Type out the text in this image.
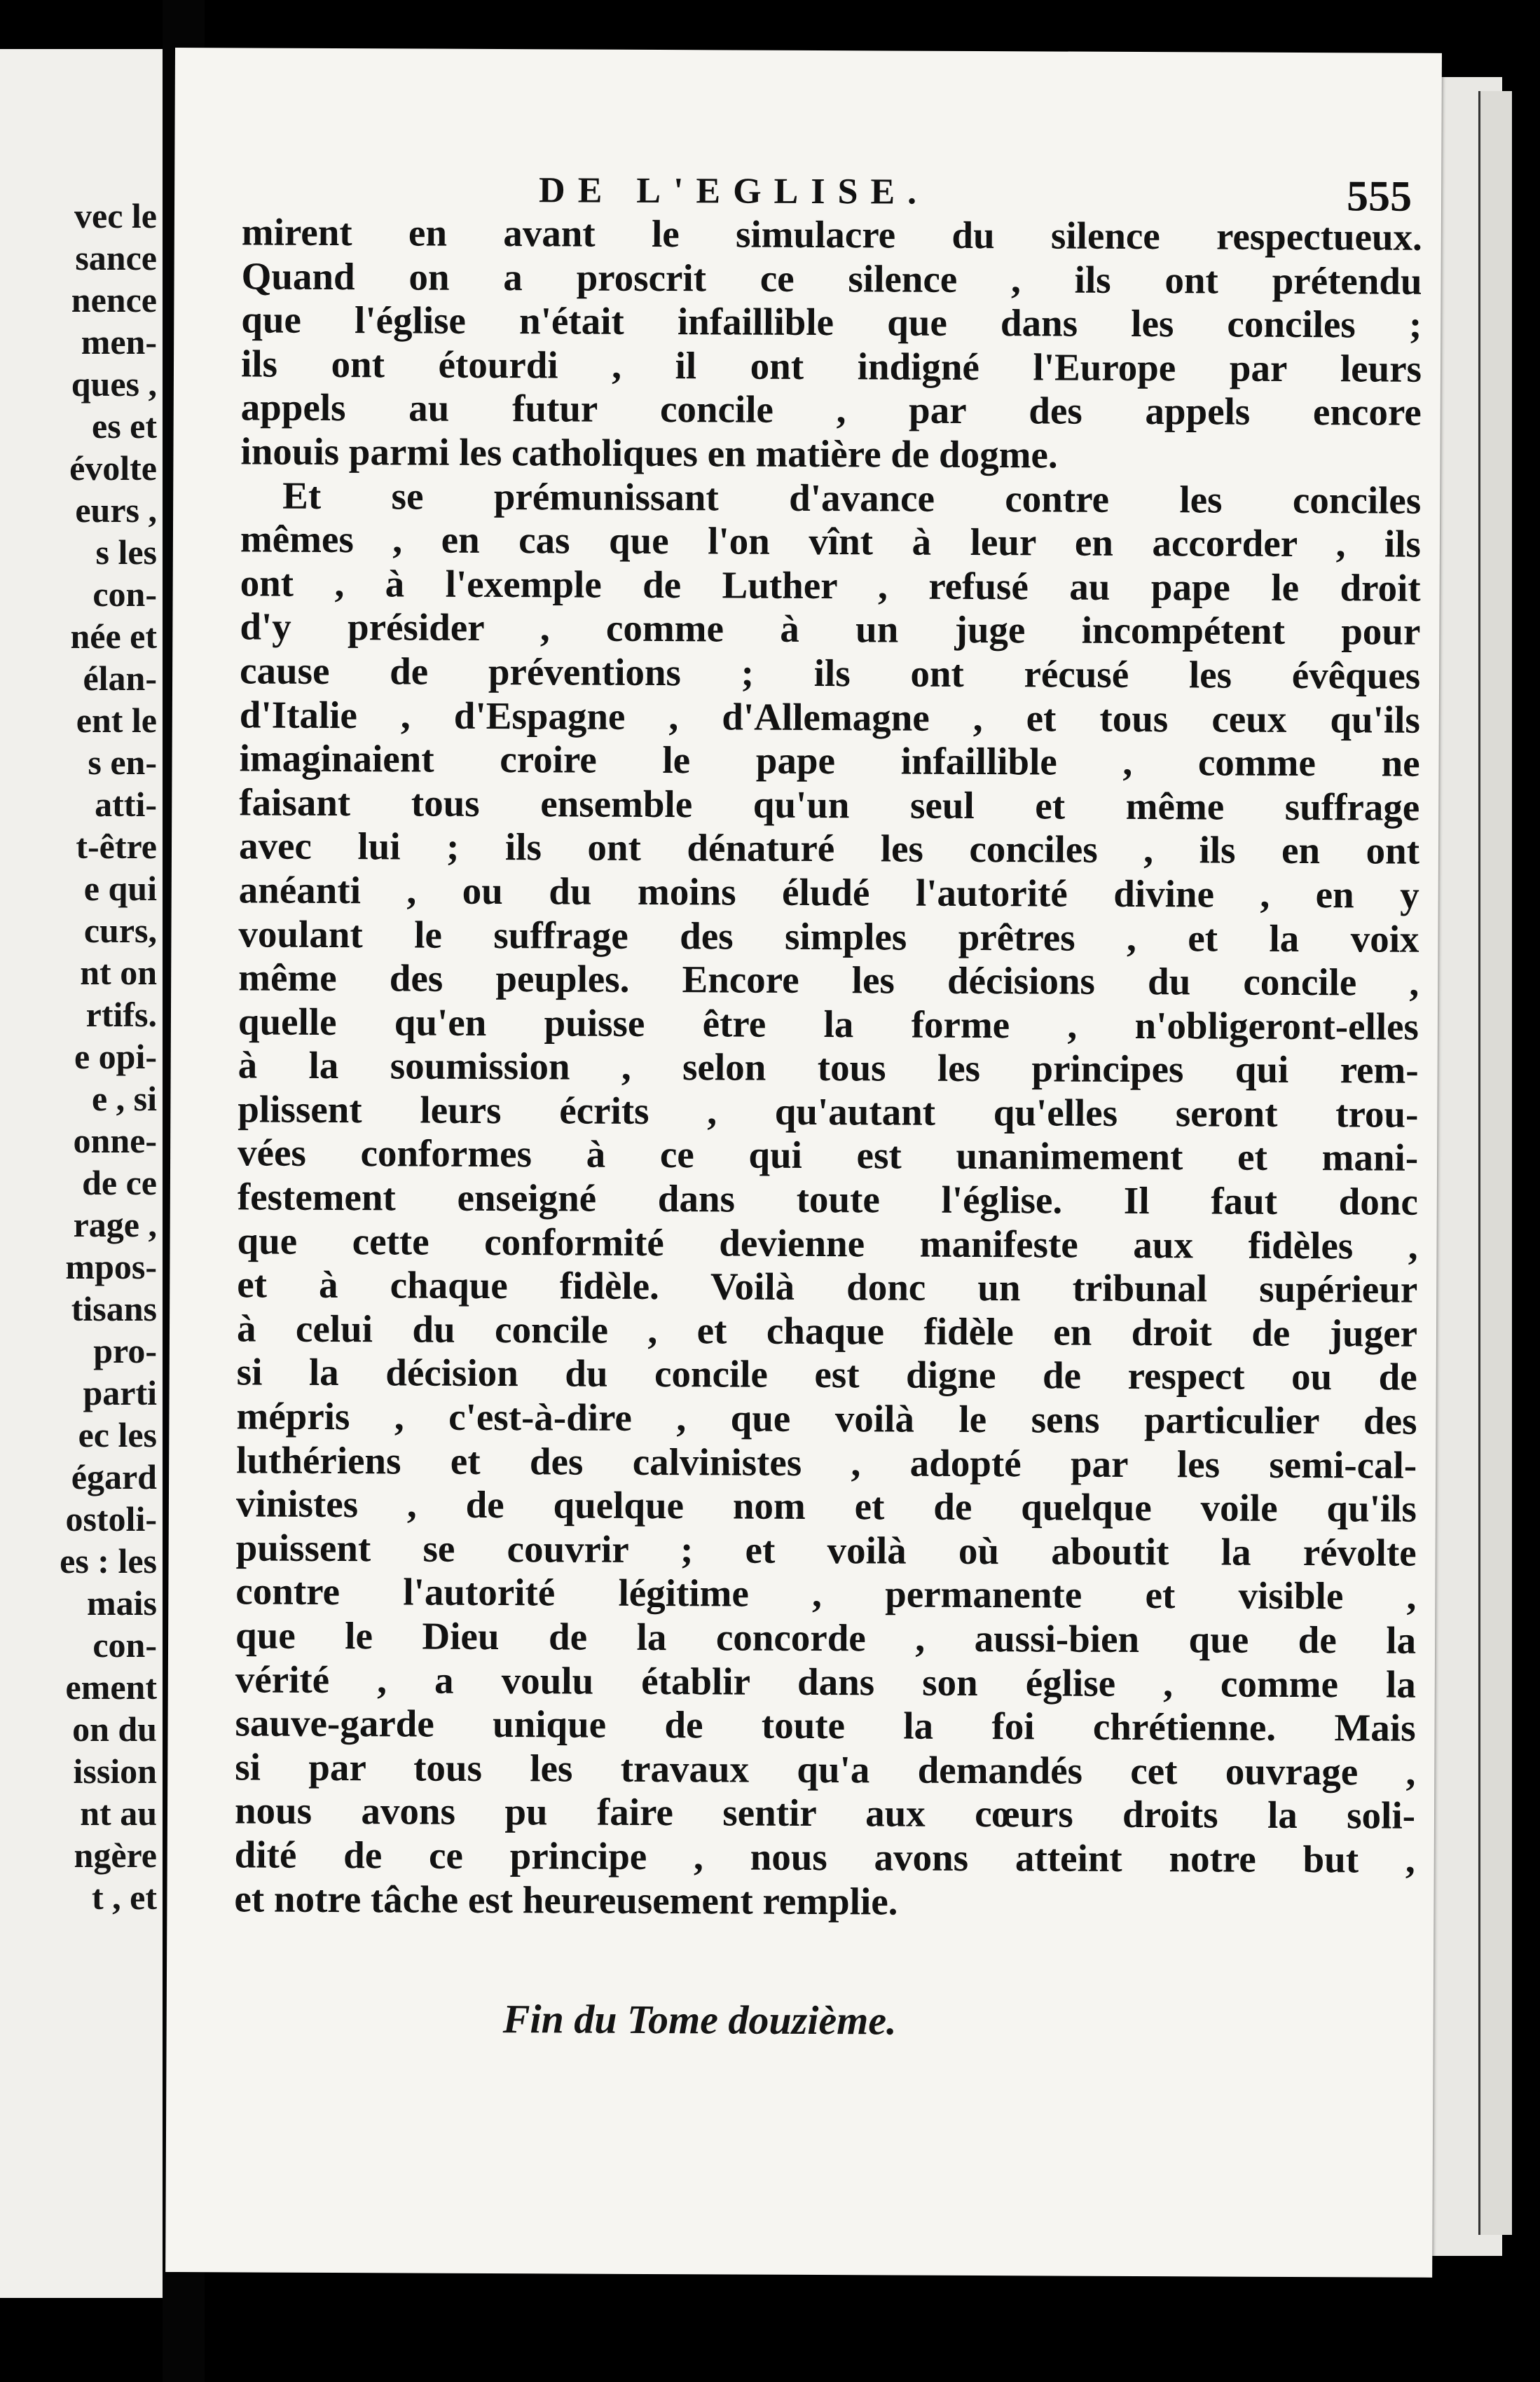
vec le
sance
nence
men-
ques ,
es et
évolte
eurs ,
s les
con-
née et
élan-
ent le
s en-
atti-
t-être
e qui
curs,
nt on
rtifs.
e opi-
e , si
onne-
de ce
rage ,
mpos-
tisans
pro-
parti
ec les
égard
ostoli-
es : les
mais
con-
ement
on du
ission
nt au
ngère
t , et
DE L'EGLISE.	555
mirent en avant le simulacre du silence respectueux.
Quand on a proscrit ce silence , ils ont prétendu
que l'église n'était infaillible que dans les conciles ;
ils ont étourdi , il ont indigné l'Europe par leurs
appels au futur concile , par des appels encore
inouis parmi les catholiques en matière de dogme.
Et se prémunissant d'avance contre les conciles
mêmes , en cas que l'on vînt à leur en accorder , ils
ont , à l'exemple de Luther , refusé au pape le droit
d'y présider , comme à un juge incompétent pour
cause de préventions ; ils ont récusé les évêques
d'Italie , d'Espagne , d'Allemagne , et tous ceux qu'ils
imaginaient croire le pape infaillible , comme ne
faisant tous ensemble qu'un seul et même suffrage
avec lui ; ils ont dénaturé les conciles , ils en ont
anéanti , ou du moins éludé l'autorité divine , en y
voulant le suffrage des simples prêtres , et la voix
même des peuples. Encore les décisions du concile ,
quelle qu'en puisse être la forme , n'obligeront-elles
à la soumission , selon tous les principes qui rem-
plissent leurs écrits , qu'autant qu'elles seront trou-
vées conformes à ce qui est unanimement et mani-
festement enseigné dans toute l'église. Il faut donc
que cette conformité devienne manifeste aux fidèles ,
et à chaque fidèle. Voilà donc un tribunal supérieur
à celui du concile , et chaque fidèle en droit de juger
si la décision du concile est digne de respect ou de
mépris , c'est-à-dire , que voilà le sens particulier des
luthériens et des calvinistes , adopté par les semi-cal-
vinistes , de quelque nom et de quelque voile qu'ils
puissent se couvrir ; et voilà où aboutit la révolte
contre l'autorité légitime , permanente et visible ,
que le Dieu de la concorde , aussi-bien que de la
vérité , a voulu établir dans son église , comme la
sauve-garde unique de toute la foi chrétienne. Mais
si par tous les travaux qu'a demandés cet ouvrage ,
nous avons pu faire sentir aux cœurs droits la soli-
dité de ce principe , nous avons atteint notre but ,
et notre tâche est heureusement remplie.
Fin du Tome douzième.
